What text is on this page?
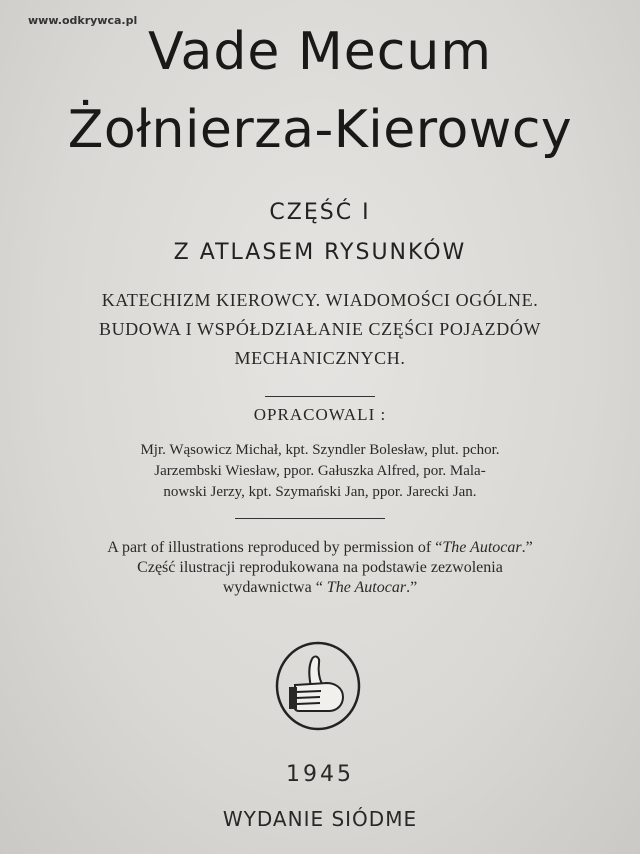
www.odkrywca.pl
Vade Mecum
Żołnierza-Kierowcy
CZĘŚĆ I
Z ATLASEM RYSUNKÓW
KATECHIZM KIEROWCY. WIADOMOŚCI OGÓLNE.
BUDOWA I WSPÓŁDZIAŁANIE CZĘŚCI POJAZDÓW
MECHANICZNYCH.
OPRACOWALI :
Mjr. Wąsowicz Michał, kpt. Szyndler Bolesław, plut. pchor.
Jarzembski Wiesław, ppor. Gałuszka Alfred, por. Mala-
nowski Jerzy, kpt. Szymański Jan, ppor. Jarecki Jan.
A part of illustrations reproduced by permission of “The Autocar.”
Część ilustracji reprodukowana na podstawie zezwolenia
wydawnictwa “ The Autocar.”
1945
WYDANIE SIÓDME
